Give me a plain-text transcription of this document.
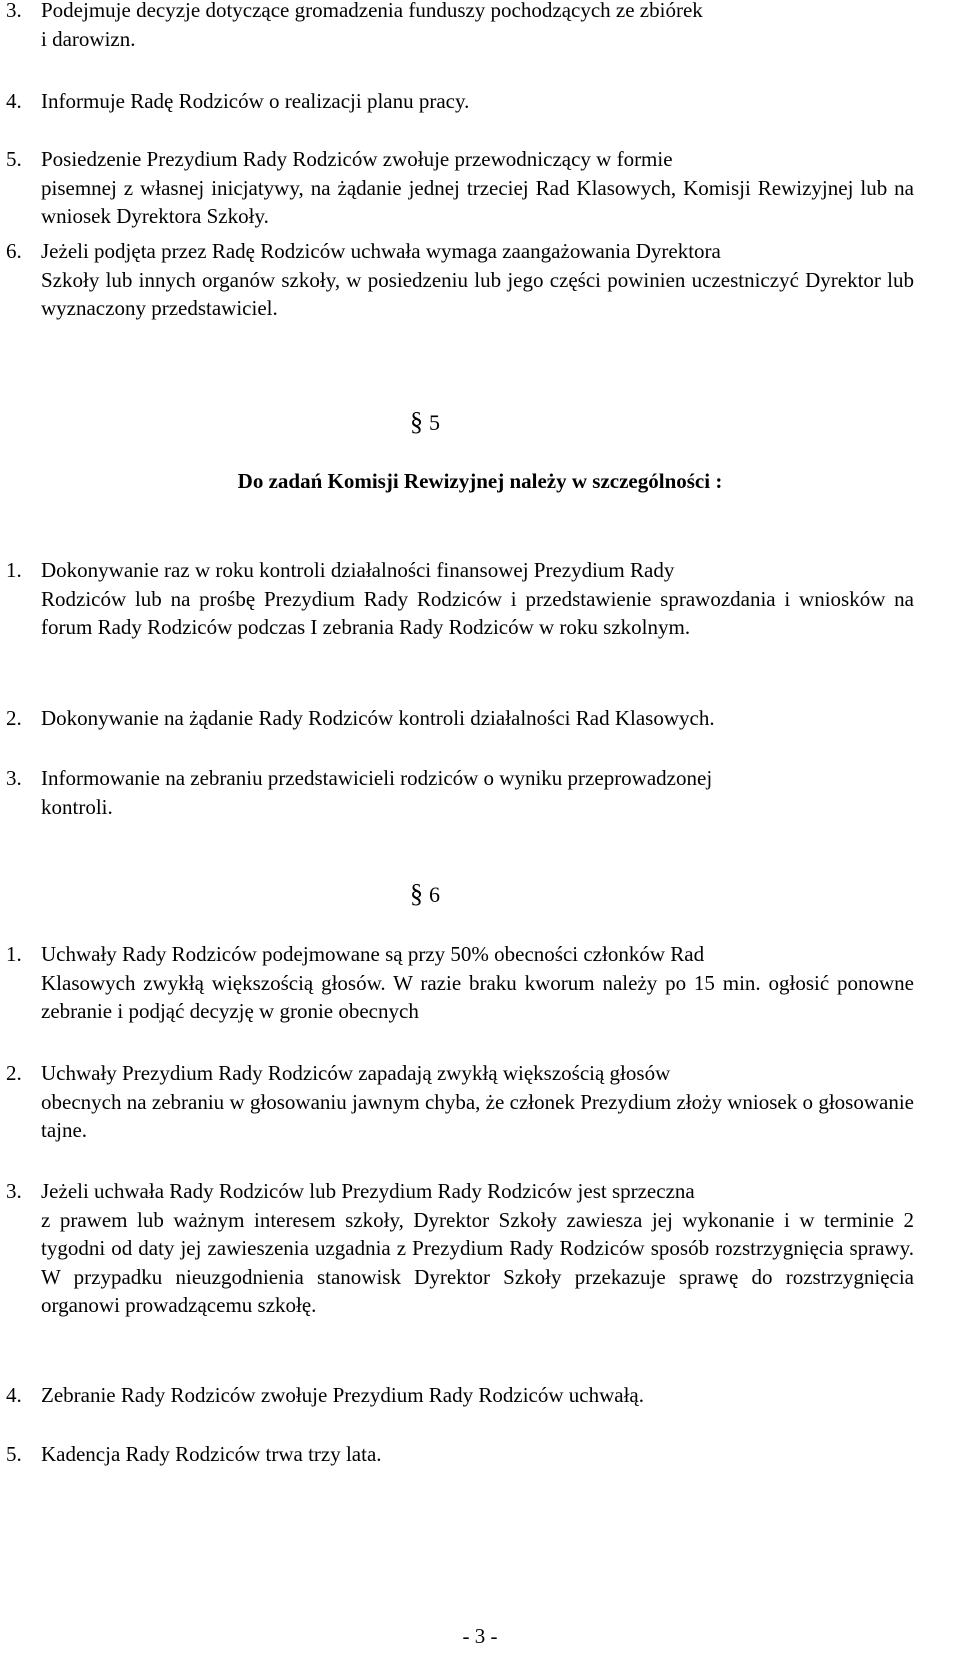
3. Podejmuje decyzje dotyczące gromadzenia funduszy pochodzących ze zbiórek
i darowizn.
4. Informuje Radę Rodziców o realizacji planu pracy.
5. Posiedzenie Prezydium Rady Rodziców zwołuje przewodniczący w formie
pisemnej z własnej inicjatywy, na żądanie jednej trzeciej Rad Klasowych, Komisji Rewizyjnej lub na wniosek Dyrektora Szkoły.
6. Jeżeli podjęta przez Radę Rodziców uchwała wymaga zaangażowania Dyrektora
Szkoły lub innych organów szkoły, w posiedzeniu lub jego części powinien uczestniczyć Dyrektor lub wyznaczony przedstawiciel.
§ 5
Do zadań Komisji Rewizyjnej należy w szczególności :
1. Dokonywanie raz w roku kontroli działalności finansowej Prezydium Rady
Rodziców lub na prośbę Prezydium Rady Rodziców i przedstawienie sprawozdania i wniosków na forum Rady Rodziców podczas I zebrania Rady Rodziców w roku szkolnym.
2. Dokonywanie na żądanie Rady Rodziców kontroli działalności Rad Klasowych.
3. Informowanie na zebraniu przedstawicieli rodziców o wyniku przeprowadzonej
kontroli.
§ 6
1. Uchwały Rady Rodziców podejmowane są przy 50% obecności członków Rad
Klasowych zwykłą większością głosów. W razie braku kworum należy po 15 min. ogłosić ponowne zebranie i podjąć decyzję w gronie obecnych
2. Uchwały Prezydium Rady Rodziców zapadają zwykłą większością głosów
obecnych na zebraniu w głosowaniu jawnym chyba, że członek Prezydium złoży wniosek o głosowanie tajne.
3. Jeżeli uchwała Rady Rodziców lub Prezydium Rady Rodziców jest sprzeczna
z prawem lub ważnym interesem szkoły, Dyrektor Szkoły zawiesza jej wykonanie i w terminie 2 tygodni od daty jej zawieszenia uzgadnia z Prezydium Rady Rodziców sposób rozstrzygnięcia sprawy. W przypadku nieuzgodnienia stanowisk Dyrektor Szkoły przekazuje sprawę do rozstrzygnięcia organowi prowadzącemu szkołę.
4. Zebranie Rady Rodziców zwołuje Prezydium Rady Rodziców uchwałą.
5. Kadencja Rady Rodziców trwa trzy lata.
- 3 -
